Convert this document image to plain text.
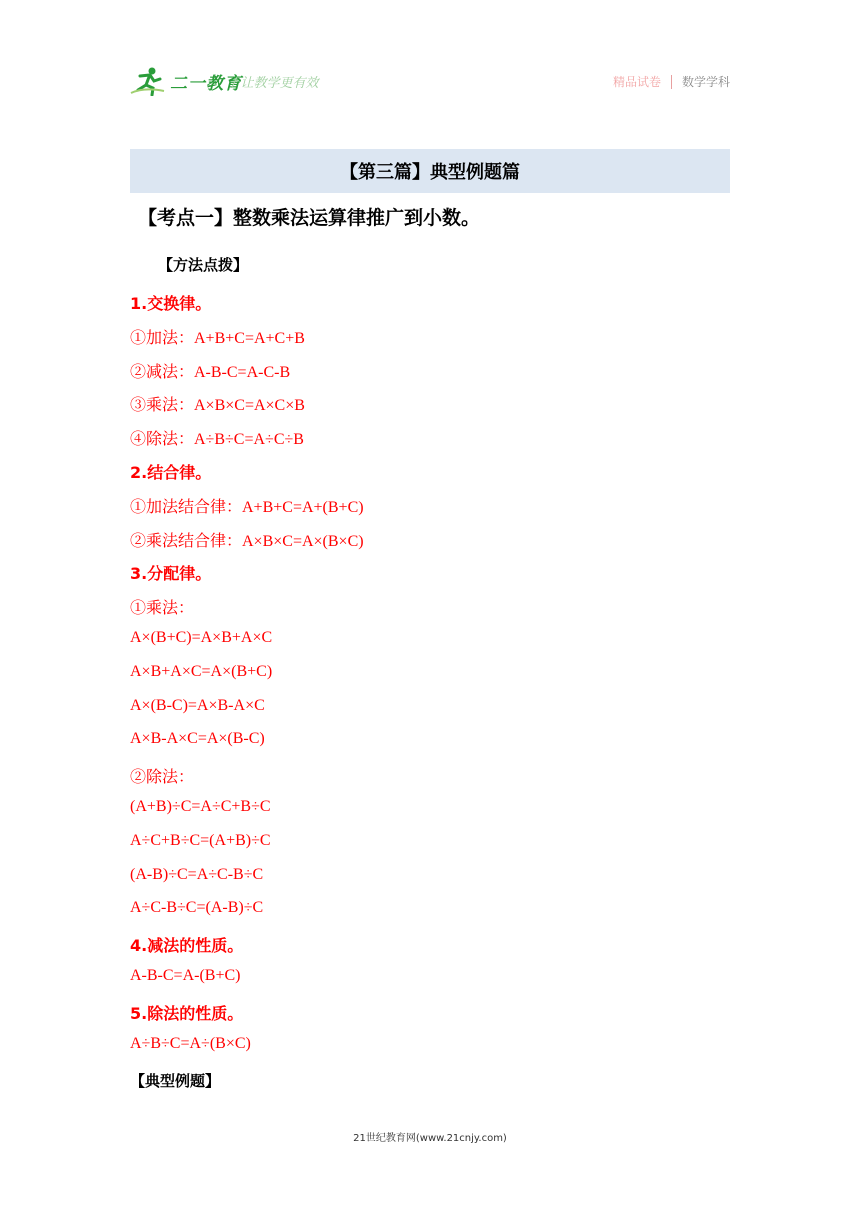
二一教育
/ 让教学更有效	精品试卷 数学学科
【第三篇】典型例题篇
【考点一】整数乘法运算律推广到小数。
【方法点拨】
1.交换律。
①加法：A+B+C=A+C+B
②减法：A-B-C=A-C-B
③乘法：A×B×C=A×C×B
④除法：A÷B÷C=A÷C÷B
2.结合律。
①加法结合律：A+B+C=A+(B+C)
②乘法结合律：A×B×C=A×(B×C)
3.分配律。
①乘法：
A×(B+C)=A×B+A×C
A×B+A×C=A×(B+C)
A×(B-C)=A×B-A×C
A×B-A×C=A×(B-C)
②除法：
(A+B)÷C=A÷C+B÷C
A÷C+B÷C=(A+B)÷C
(A-B)÷C=A÷C-B÷C
A÷C-B÷C=(A-B)÷C
4.减法的性质。
A-B-C=A-(B+C)
5.除法的性质。
A÷B÷C=A÷(B×C)
【典型例题】
21世纪教育网(www.21cnjy.com)
